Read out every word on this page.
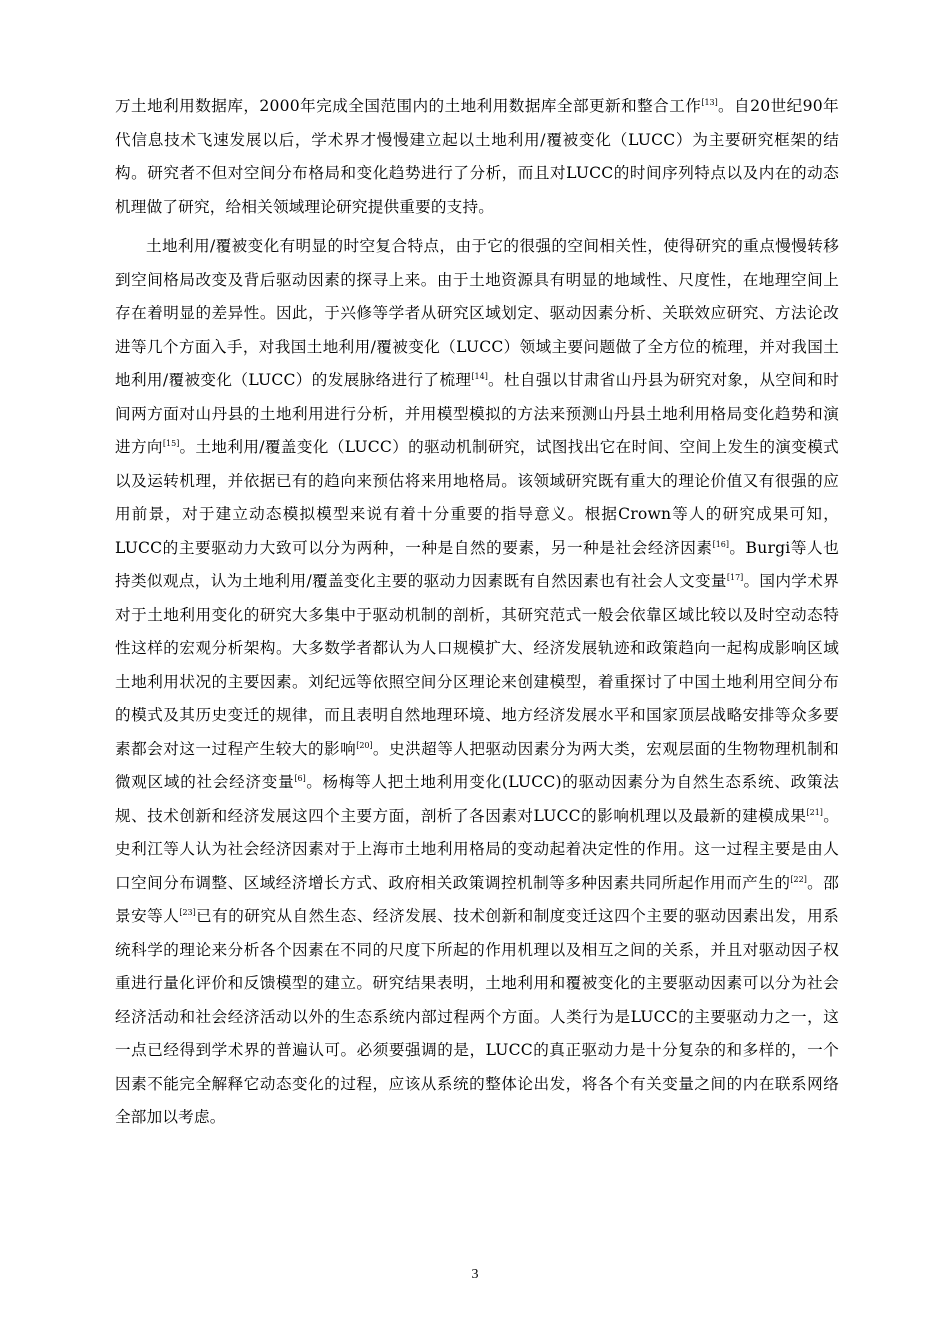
万土地利用数据库，2000年完成全国范围内的土地利用数据库全部更新和整合工作[13]。自20世纪90年代信息技术飞速发展以后，学术界才慢慢建立起以土地利用/覆被变化（LUCC）为主要研究框架的结构。研究者不但对空间分布格局和变化趋势进行了分析，而且对LUCC的时间序列特点以及内在的动态机理做了研究，给相关领域理论研究提供重要的支持。

土地利用/覆被变化有明显的时空复合特点，由于它的很强的空间相关性，使得研究的重点慢慢转移到空间格局改变及背后驱动因素的探寻上来。由于土地资源具有明显的地域性、尺度性，在地理空间上存在着明显的差异性。因此，于兴修等学者从研究区域划定、驱动因素分析、关联效应研究、方法论改进等几个方面入手，对我国土地利用/覆被变化（LUCC）领域主要问题做了全方位的梳理，并对我国土地利用/覆被变化（LUCC）的发展脉络进行了梳理[14]。杜自强以甘肃省山丹县为研究对象，从空间和时间两方面对山丹县的土地利用进行分析，并用模型模拟的方法来预测山丹县土地利用格局变化趋势和演进方向[15]。土地利用/覆盖变化（LUCC）的驱动机制研究，试图找出它在时间、空间上发生的演变模式以及运转机理，并依据已有的趋向来预估将来用地格局。该领域研究既有重大的理论价值又有很强的应用前景，对于建立动态模拟模型来说有着十分重要的指导意义。根据Crown等人的研究成果可知，LUCC的主要驱动力大致可以分为两种，一种是自然的要素，另一种是社会经济因素[16]。Burgi等人也持类似观点，认为土地利用/覆盖变化主要的驱动力因素既有自然因素也有社会人文变量[17]。国内学术界对于土地利用变化的研究大多集中于驱动机制的剖析，其研究范式一般会依靠区域比较以及时空动态特性这样的宏观分析架构。大多数学者都认为人口规模扩大、经济发展轨迹和政策趋向一起构成影响区域土地利用状况的主要因素。刘纪远等依照空间分区理论来创建模型，着重探讨了中国土地利用空间分布的模式及其历史变迁的规律，而且表明自然地理环境、地方经济发展水平和国家顶层战略安排等众多要素都会对这一过程产生较大的影响[20]。史洪超等人把驱动因素分为两大类，宏观层面的生物物理机制和微观区域的社会经济变量[6]。杨梅等人把土地利用变化(LUCC)的驱动因素分为自然生态系统、政策法规、技术创新和经济发展这四个主要方面，剖析了各因素对LUCC的影响机理以及最新的建模成果[21]。史利江等人认为社会经济因素对于上海市土地利用格局的变动起着决定性的作用。这一过程主要是由人口空间分布调整、区域经济增长方式、政府相关政策调控机制等多种因素共同所起作用而产生的[22]。邵景安等人[23]已有的研究从自然生态、经济发展、技术创新和制度变迁这四个主要的驱动因素出发，用系统科学的理论来分析各个因素在不同的尺度下所起的作用机理以及相互之间的关系，并且对驱动因子权重进行量化评价和反馈模型的建立。研究结果表明，土地利用和覆被变化的主要驱动因素可以分为社会经济活动和社会经济活动以外的生态系统内部过程两个方面。人类行为是LUCC的主要驱动力之一，这一点已经得到学术界的普遍认可。必须要强调的是，LUCC的真正驱动力是十分复杂的和多样的，一个因素不能完全解释它动态变化的过程，应该从系统的整体论出发，将各个有关变量之间的内在联系网络全部加以考虑。

3
